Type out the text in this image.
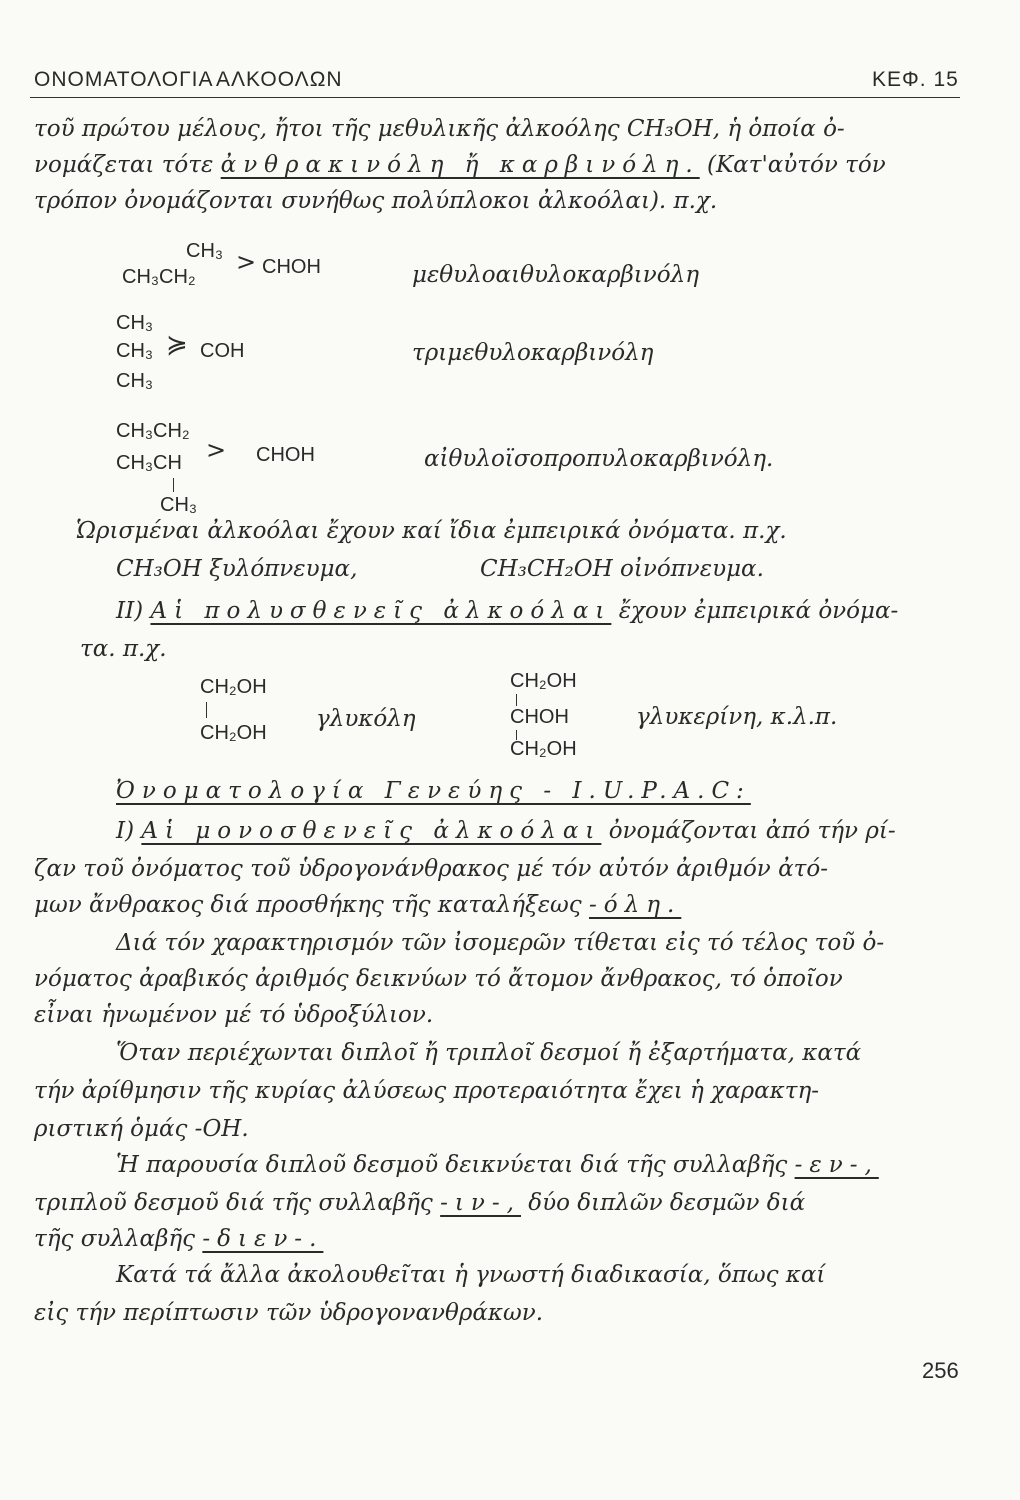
ΟΝΟΜΑΤΟΛΟΓΙΑ ΑΛΚΟΟΛΩΝ	ΚΕΦ. 15
τοῦ πρώτου μέλους, ἤτοι τῆς μεθυλικῆς ἀλκοόλης CH₃OH, ἡ ὁποία ὀ-
νομάζεται τότε ἀνθρακινόλη ἤ καρβινόλη. (Κατ'αὐτόν τόν
τρόπον ὀνομάζονται συνήθως πολύπλοκοι ἀλκοόλαι). π.χ.
CH₃
CH₃CH₂
> CHOH	μεθυλοαιθυλοκαρβινόλη
CH₃
CH₃
CH₃
≽ COH	τριμεθυλοκαρβινόλη
CH₃CH₂
CH₃CH
CH₃
> CHOH	αἰθυλοϊσοπροπυλοκαρβινόλη.
Ὡρισμέναι ἀλκοόλαι ἔχουν καί ἴδια ἐμπειρικά ὀνόματα. π.χ.
CH₃OH ξυλόπνευμα,	CH₃CH₂OH οἰνόπνευμα.
II) Αἱ πολυσθενεῖς ἀλκοόλαι ἔχουν ἐμπειρικά ὀνόμα-
τα. π.χ.
CH₂OH
CH₂OH
γλυκόλη
CH₂OH
CHOH
CH₂OH
γλυκερίνη, κ.λ.π.
Ὀνοματολογία Γενεύης - I.U.P.A.C:
I) Αἱ μονοσθενεῖς ἀλκοόλαι ὀνομάζονται ἀπό τήν ρί-
ζαν τοῦ ὀνόματος τοῦ ὑδρογονάνθρακος μέ τόν αὐτόν ἀριθμόν ἀτό-
μων ἄνθρακος διά προσθήκης τῆς καταλήξεως -όλη.
Διά τόν χαρακτηρισμόν τῶν ἰσομερῶν τίθεται εἰς τό τέλος τοῦ ὀ-
νόματος ἀραβικός ἀριθμός δεικνύων τό ἄτομον ἄνθρακος, τό ὁποῖον
εἶναι ἡνωμένον μέ τό ὑδροξύλιον.
Ὅταν περιέχωνται διπλοῖ ἤ τριπλοῖ δεσμοί ἤ ἐξαρτήματα, κατά
τήν ἀρίθμησιν τῆς κυρίας ἀλύσεως προτεραιότητα ἔχει ἡ χαρακτη-
ριστική ὁμάς -OH.
Ἡ παρουσία διπλοῦ δεσμοῦ δεικνύεται διά τῆς συλλαβῆς -εν-,
τριπλοῦ δεσμοῦ διά τῆς συλλαβῆς -ιν-, δύο διπλῶν δεσμῶν διά
τῆς συλλαβῆς -διεν-.
Κατά τά ἄλλα ἀκολουθεῖται ἡ γνωστή διαδικασία, ὅπως καί
εἰς τήν περίπτωσιν τῶν ὑδρογονανθράκων.
256
